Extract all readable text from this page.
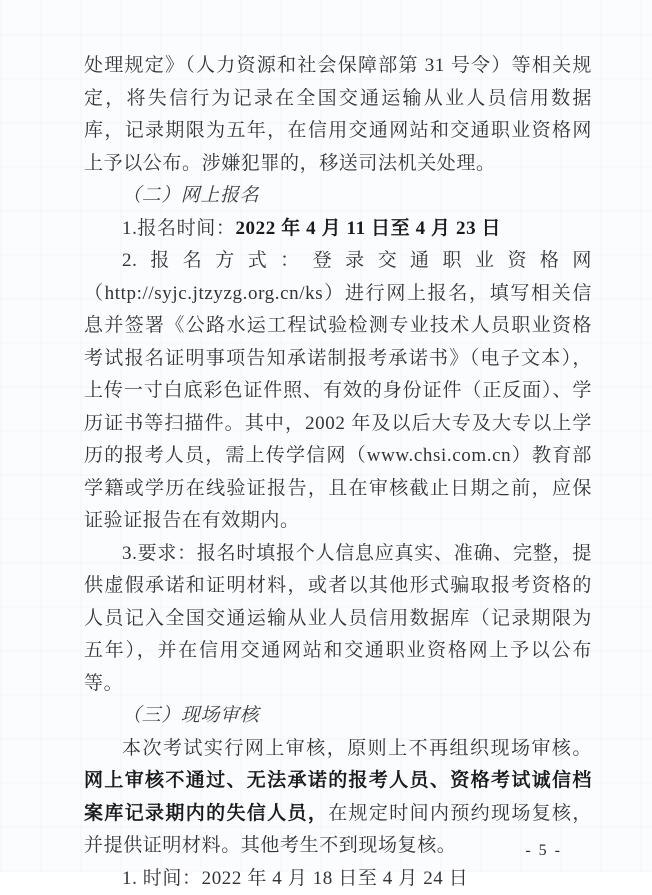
处理规定》（人力资源和社会保障部第 31 号令）等相关规定，将失信行为记录在全国交通运输从业人员信用数据库，记录期限为五年，在信用交通网站和交通职业资格网上予以公布。涉嫌犯罪的，移送司法机关处理。

（二）网上报名

1.报名时间：2022 年 4 月 11 日至 4 月 23 日

2.报名方式：登录交通职业资格网（http://syjc.jtzyzg.org.cn/ks）进行网上报名，填写相关信息并签署《公路水运工程试验检测专业技术人员职业资格考试报名证明事项告知承诺制报考承诺书》（电子文本），上传一寸白底彩色证件照、有效的身份证件（正反面）、学历证书等扫描件。其中，2002 年及以后大专及大专以上学历的报考人员，需上传学信网（www.chsi.com.cn）教育部学籍或学历在线验证报告，且在审核截止日期之前，应保证验证报告在有效期内。

3.要求：报名时填报个人信息应真实、准确、完整，提供虚假承诺和证明材料，或者以其他形式骗取报考资格的人员记入全国交通运输从业人员信用数据库（记录期限为五年），并在信用交通网站和交通职业资格网上予以公布等。

（三）现场审核

本次考试实行网上审核，原则上不再组织现场审核。网上审核不通过、无法承诺的报考人员、资格考试诚信档案库记录期内的失信人员，在规定时间内预约现场复核，并提供证明材料。其他考生不到现场复核。

1. 时间：2022 年 4 月 18 日至 4 月 24 日

- 5 -
